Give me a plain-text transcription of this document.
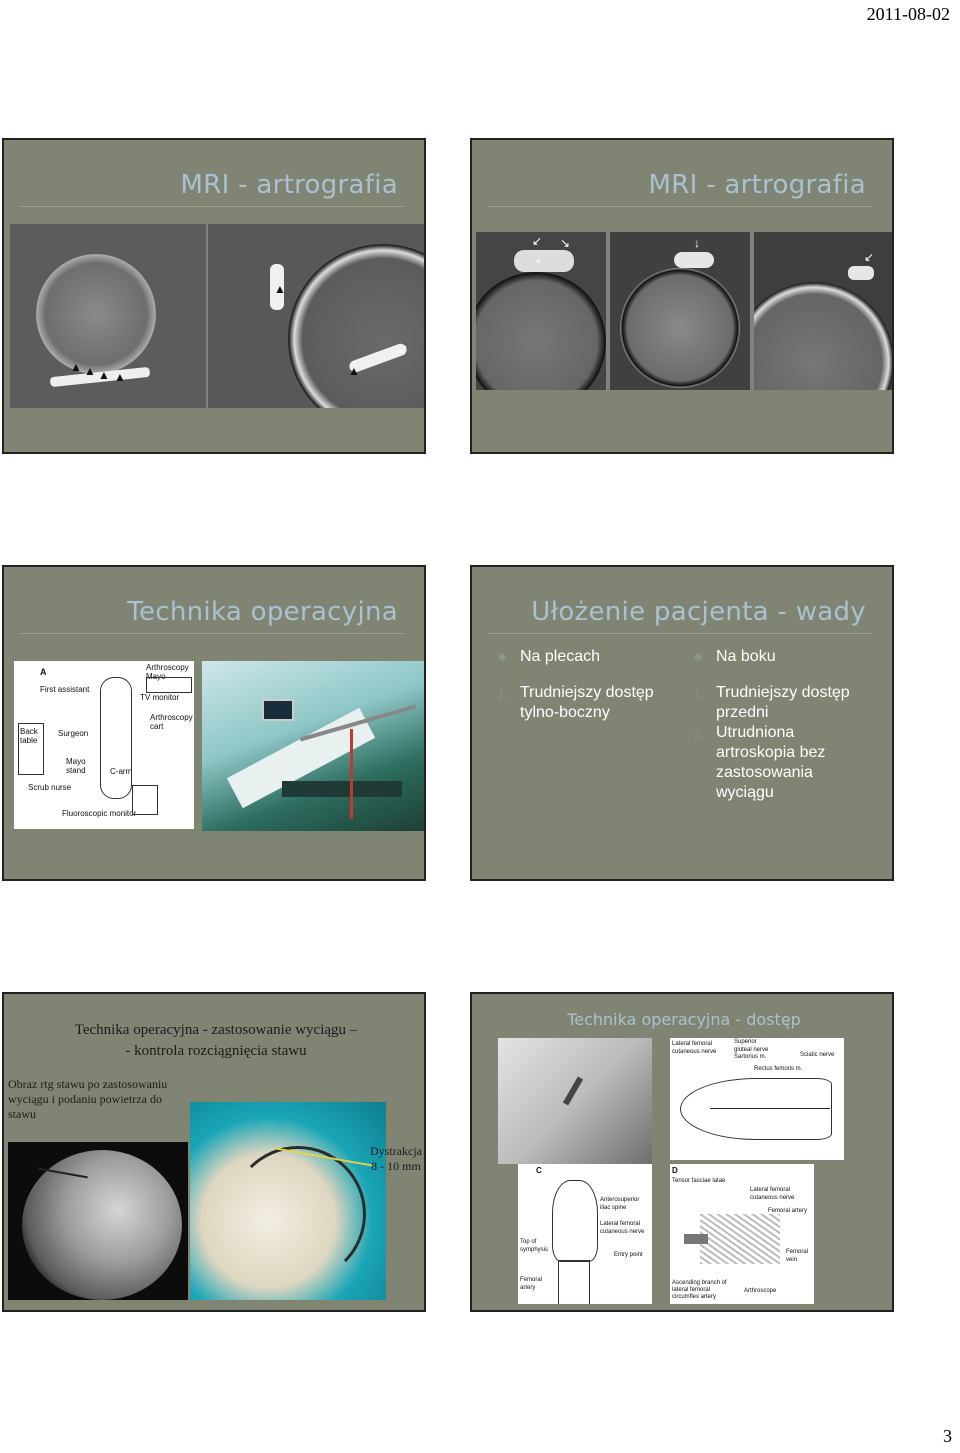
2011-08-02
MRI - artrografia
▲ ▲ ▲ ▲
▲
▲
↙
MRI - artrografia
*
↙ ↘	↓
↙
Technika operacyjna
A
First assistant
Arthroscopy Mayo
TV monitor
Arthroscopy cart
Back table
Surgeon
Mayo stand	C-arm
Scrub nurse
Fluoroscopic monitor
Ułożenie pacjenta - wady
◆ Na plecach
1. Trudniejszy dostęp tylno-boczny
◆ Na boku
1. Trudniejszy dostęp przedni
2. Utrudniona artroskopia bez zastosowania wyciągu
Technika operacyjna - zastosowanie wyciągu –
- kontrola rozciągnięcia stawu
Obraz rtg stawu po zastosowaniu wyciągu i podaniu powietrza do stawu
Dystrakcja 8 - 10 mm
Technika operacyjna - dostęp
Lateral femoral cutaneous nerve
Superior gluteal nerve
Sartorius m.	Sciatic nerve
Rectus femoris m.
C
Anterosuperior iliac spine
Lateral femoral cutaneous nerve
Top of symphysis
Entry point
Femoral artery
D
Tensor fasciae latae
Lateral femoral cutaneous nerve
Femoral artery
Femoral vein
Ascending branch of lateral femoral circumflex artery
Arthroscope
3
